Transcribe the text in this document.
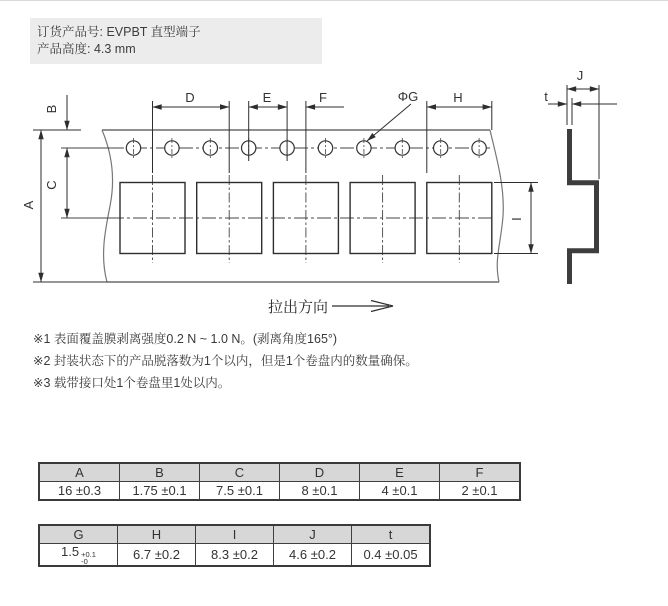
A
B
C
D	E	F	ΦG	H
I
J
t
拉出方向
订货产品号: EVPBT 直型端子
产品高度: 4.3 mm
※1 表面覆盖膜剥离强度0.2 N ~ 1.0 N。(剥离角度165°)
※2 封装状态下的产品脱落数为1个以内，但是1个卷盘内的数量确保。
※3 载带接口处1个卷盘里1处以内。
A	B	C	D	E	F
16 ±0.3	1.75 ±0.1	7.5 ±0.1	8 ±0.1	4 ±0.1	2 ±0.1
G	H	I	J	t
1.5 +0.1
-0	6.7 ±0.2	8.3 ±0.2	4.6 ±0.2	0.4 ±0.05
